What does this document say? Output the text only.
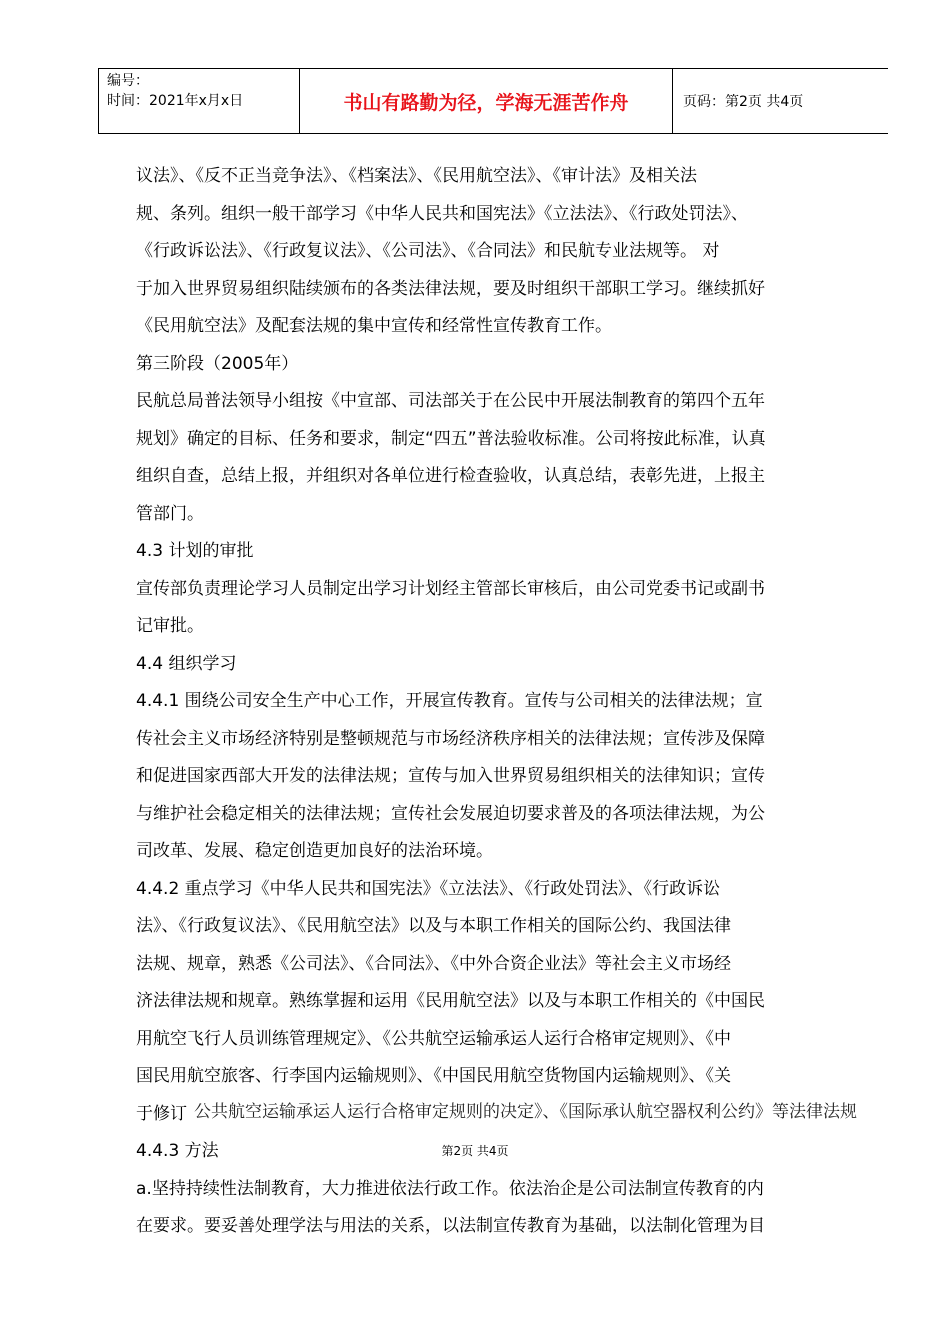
编号：
时间：2021年x月x日	书山有路勤为径，学海无涯苦作舟	页码：第2页 共4页

议法》、《反不正当竞争法》、《档案法》、《民用航空法》、《审计法》及相关法

规、条列。组织一般干部学习《中华人民共和国宪法》《立法法》、《行政处罚法》、

《行政诉讼法》、《行政复议法》、《公司法》、《合同法》和民航专业法规等。 对

于加入世界贸易组织陆续颁布的各类法律法规，要及时组织干部职工学习。继续抓好

《民用航空法》及配套法规的集中宣传和经常性宣传教育工作。

第三阶段（2005年）

民航总局普法领导小组按《中宣部、司法部关于在公民中开展法制教育的第四个五年

规划》确定的目标、任务和要求，制定“四五”普法验收标准。公司将按此标准，认真

组织自查，总结上报，并组织对各单位进行检查验收，认真总结，表彰先进，上报主

管部门。

4.3 计划的审批

宣传部负责理论学习人员制定出学习计划经主管部长审核后，由公司党委书记或副书

记审批。

4.4 组织学习

4.4.1 围绕公司安全生产中心工作，开展宣传教育。宣传与公司相关的法律法规；宣

传社会主义市场经济特别是整顿规范与市场经济秩序相关的法律法规；宣传涉及保障

和促进国家西部大开发的法律法规；宣传与加入世界贸易组织相关的法律知识；宣传

与维护社会稳定相关的法律法规；宣传社会发展迫切要求普及的各项法律法规，为公

司改革、发展、稳定创造更加良好的法治环境。

4.4.2 重点学习《中华人民共和国宪法》《立法法》、《行政处罚法》、《行政诉讼

法》、《行政复议法》、《民用航空法》以及与本职工作相关的国际公约、我国法律

法规、规章，熟悉《公司法》、《合同法》、《中外合资企业法》等社会主义市场经

济法律法规和规章。熟练掌握和运用《民用航空法》以及与本职工作相关的《中国民

用航空飞行人员训练管理规定》、《公共航空运输承运人运行合格审定规则》、《中

国民用航空旅客、行李国内运输规则》、《中国民用航空货物国内运输规则》、《关

于修订 公共航空运输承运人运行合格审定规则的决定》、《国际承认航空器权利公约》等法律法规

4.4.3 方法

a.坚持持续性法制教育，大力推进依法行政工作。依法治企是公司法制宣传教育的内

在要求。要妥善处理学法与用法的关系，以法制宣传教育为基础，以法制化管理为目

第2页 共4页
